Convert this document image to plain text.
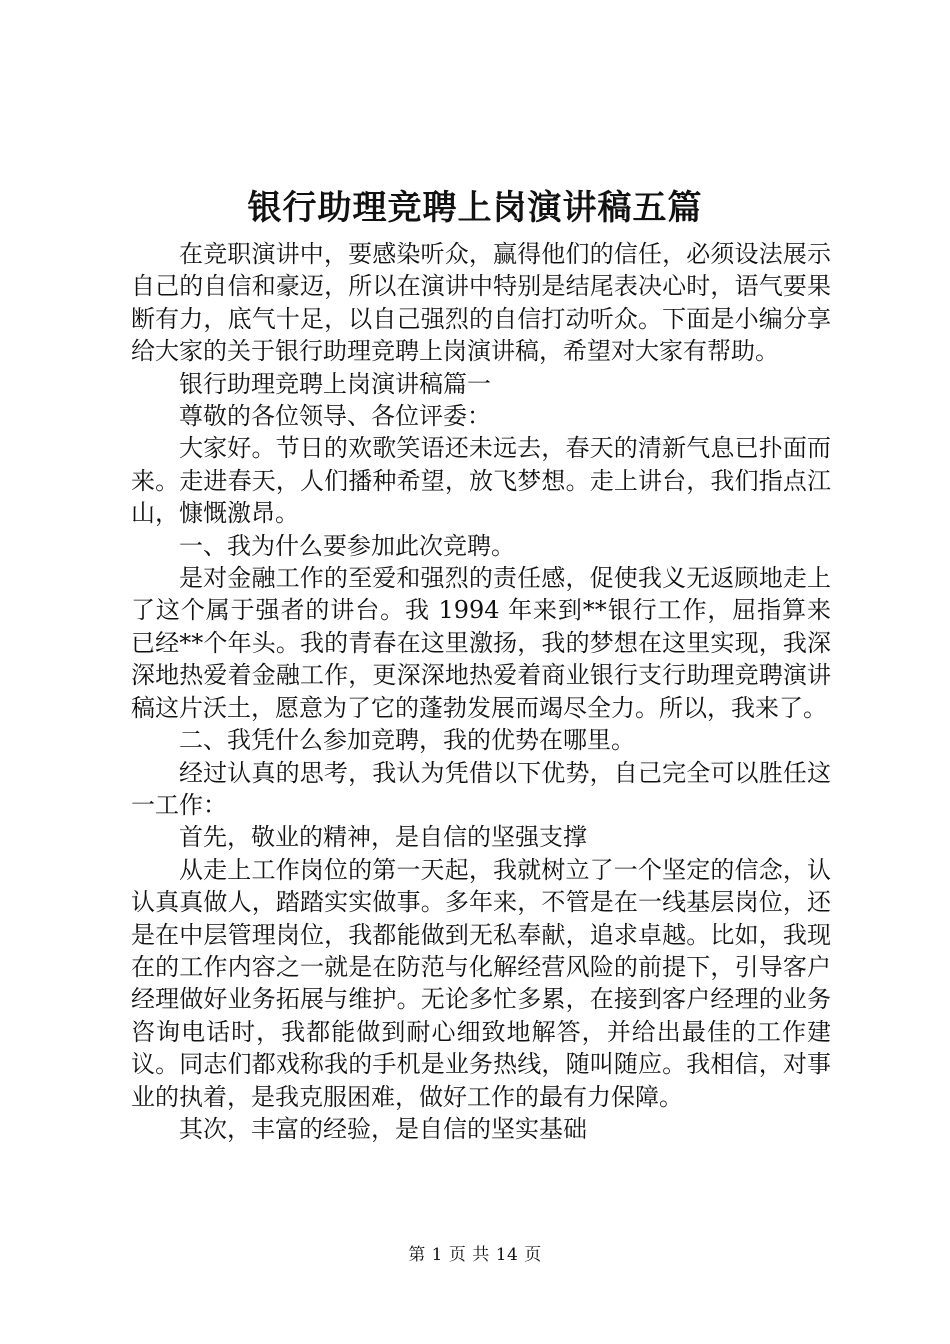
银行助理竞聘上岗演讲稿五篇

在竞职演讲中，要感染听众，赢得他们的信任，必须设法展示自己的自信和豪迈，所以在演讲中特别是结尾表决心时，语气要果断有力，底气十足，以自己强烈的自信打动听众。下面是小编分享给大家的关于银行助理竞聘上岗演讲稿，希望对大家有帮助。

银行助理竞聘上岗演讲稿篇一

尊敬的各位领导、各位评委：

大家好。节日的欢歌笑语还未远去，春天的清新气息已扑面而来。走进春天，人们播种希望，放飞梦想。走上讲台，我们指点江山，慷慨激昂。

一、我为什么要参加此次竞聘。

是对金融工作的至爱和强烈的责任感，促使我义无返顾地走上了这个属于强者的讲台。我 1994 年来到**银行工作，屈指算来已经**个年头。我的青春在这里激扬，我的梦想在这里实现，我深深地热爱着金融工作，更深深地热爱着商业银行支行助理竞聘演讲稿这片沃土，愿意为了它的蓬勃发展而竭尽全力。所以，我来了。

二、我凭什么参加竞聘，我的优势在哪里。

经过认真的思考，我认为凭借以下优势，自己完全可以胜任这一工作：

首先，敬业的精神，是自信的坚强支撑

从走上工作岗位的第一天起，我就树立了一个坚定的信念，认认真真做人，踏踏实实做事。多年来，不管是在一线基层岗位，还是在中层管理岗位，我都能做到无私奉献，追求卓越。比如，我现在的工作内容之一就是在防范与化解经营风险的前提下，引导客户经理做好业务拓展与维护。无论多忙多累，在接到客户经理的业务咨询电话时，我都能做到耐心细致地解答，并给出最佳的工作建议。同志们都戏称我的手机是业务热线，随叫随应。我相信，对事业的执着，是我克服困难，做好工作的最有力保障。

其次，丰富的经验，是自信的坚实基础

第 1 页 共 14 页
